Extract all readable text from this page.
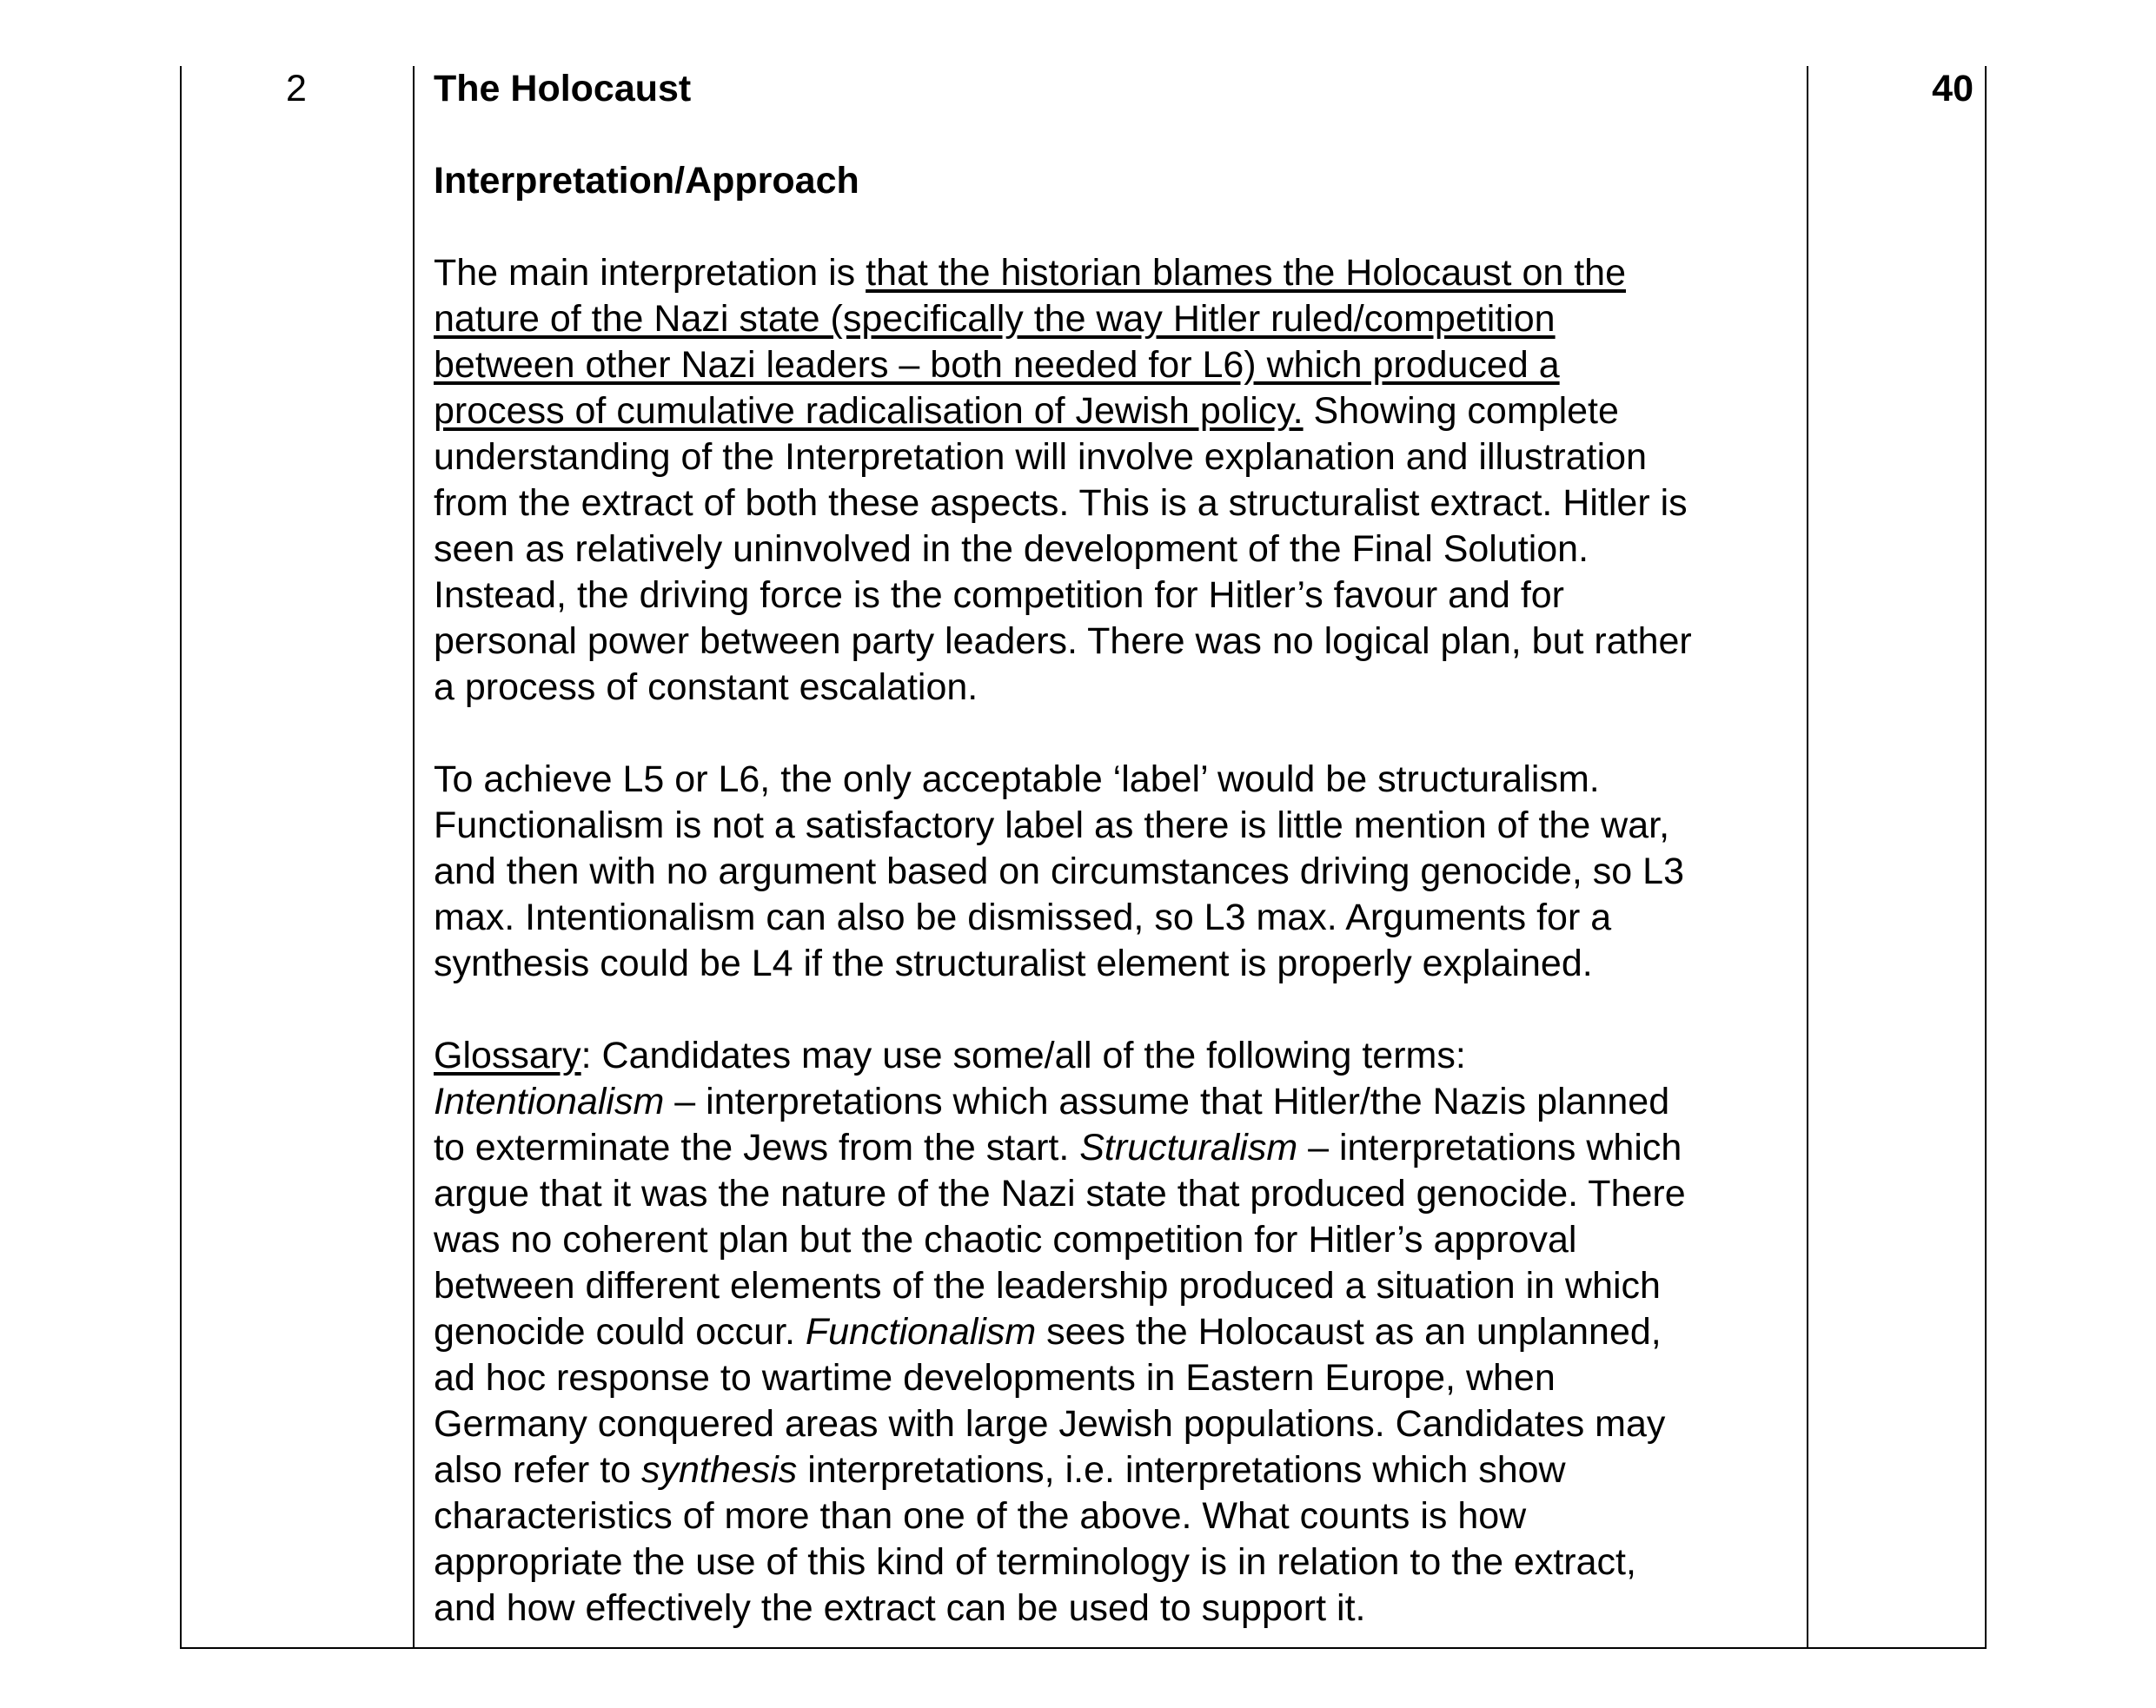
2	The Holocaust
Interpretation/Approach

The main interpretation is that the historian blames the Holocaust on the
nature of the Nazi state (specifically the way Hitler ruled/competition
between other Nazi leaders – both needed for L6) which produced a
process of cumulative radicalisation of Jewish policy. Showing complete
understanding of the Interpretation will involve explanation and illustration
from the extract of both these aspects. This is a structuralist extract. Hitler is
seen as relatively uninvolved in the development of the Final Solution.
Instead, the driving force is the competition for Hitler’s favour and for
personal power between party leaders. There was no logical plan, but rather
a process of constant escalation.

To achieve L5 or L6, the only acceptable ‘label’ would be structuralism.
Functionalism is not a satisfactory label as there is little mention of the war,
and then with no argument based on circumstances driving genocide, so L3
max. Intentionalism can also be dismissed, so L3 max. Arguments for a
synthesis could be L4 if the structuralist element is properly explained.

Glossary: Candidates may use some/all of the following terms:
Intentionalism – interpretations which assume that Hitler/the Nazis planned
to exterminate the Jews from the start. Structuralism – interpretations which
argue that it was the nature of the Nazi state that produced genocide. There
was no coherent plan but the chaotic competition for Hitler’s approval
between different elements of the leadership produced a situation in which
genocide could occur. Functionalism sees the Holocaust as an unplanned,
ad hoc response to wartime developments in Eastern Europe, when
Germany conquered areas with large Jewish populations. Candidates may
also refer to synthesis interpretations, i.e. interpretations which show
characteristics of more than one of the above. What counts is how
appropriate the use of this kind of terminology is in relation to the extract,
and how effectively the extract can be used to support it.

40
